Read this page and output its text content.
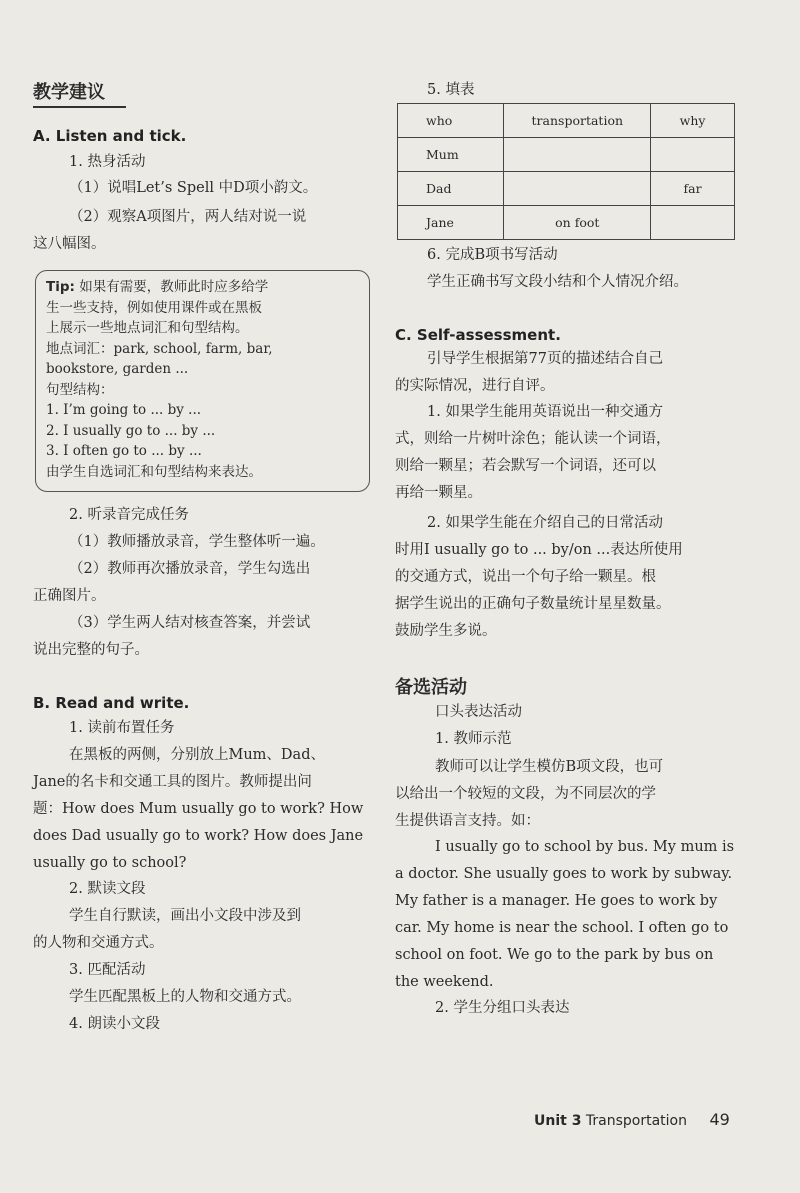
教学建议
A. Listen and tick.
1. 热身活动
（1）说唱Let’s Spell 中D项小韵文。
（2）观察A项图片，两人结对说一说
这八幅图。
Tip: 如果有需要，教师此时应多给学
生一些支持，例如使用课件或在黑板
上展示一些地点词汇和句型结构。
地点词汇：park, school, farm, bar,
bookstore, garden ...
句型结构：
1. I’m going to ... by ...
2. I usually go to ... by ...
3. I often go to ... by ...
由学生自选词汇和句型结构来表达。
2. 听录音完成任务
（1）教师播放录音，学生整体听一遍。
（2）教师再次播放录音，学生勾选出
正确图片。
（3）学生两人结对核查答案，并尝试
说出完整的句子。
B. Read and write.
1. 读前布置任务
在黑板的两侧，分别放上Mum、Dad、
Jane的名卡和交通工具的图片。教师提出问
题：How does Mum usually go to work? How
does Dad usually go to work? How does Jane
usually go to school?
2. 默读文段
学生自行默读，画出小文段中涉及到
的人物和交通方式。
3. 匹配活动
学生匹配黑板上的人物和交通方式。
4. 朗读小文段
5. 填表
who	transportation	why
Mum		
Dad		far
Jane	on foot	
6. 完成B项书写活动
学生正确书写文段小结和个人情况介绍。
C. Self-assessment.
引导学生根据第77页的描述结合自己
的实际情况，进行自评。
1. 如果学生能用英语说出一种交通方
式，则给一片树叶涂色；能认读一个词语，
则给一颗星；若会默写一个词语，还可以
再给一颗星。
2. 如果学生能在介绍自己的日常活动
时用I usually go to ... by/on ...表达所使用
的交通方式，说出一个句子给一颗星。根
据学生说出的正确句子数量统计星星数量。
鼓励学生多说。
备选活动
口头表达活动
1. 教师示范
教师可以让学生模仿B项文段，也可
以给出一个较短的文段，为不同层次的学
生提供语言支持。如：
I usually go to school by bus. My mum is
a doctor. She usually goes to work by subway.
My father is a manager. He goes to work by
car. My home is near the school. I often go to
school on foot. We go to the park by bus on
the weekend.
2. 学生分组口头表达
Unit 3 Transportation 49
